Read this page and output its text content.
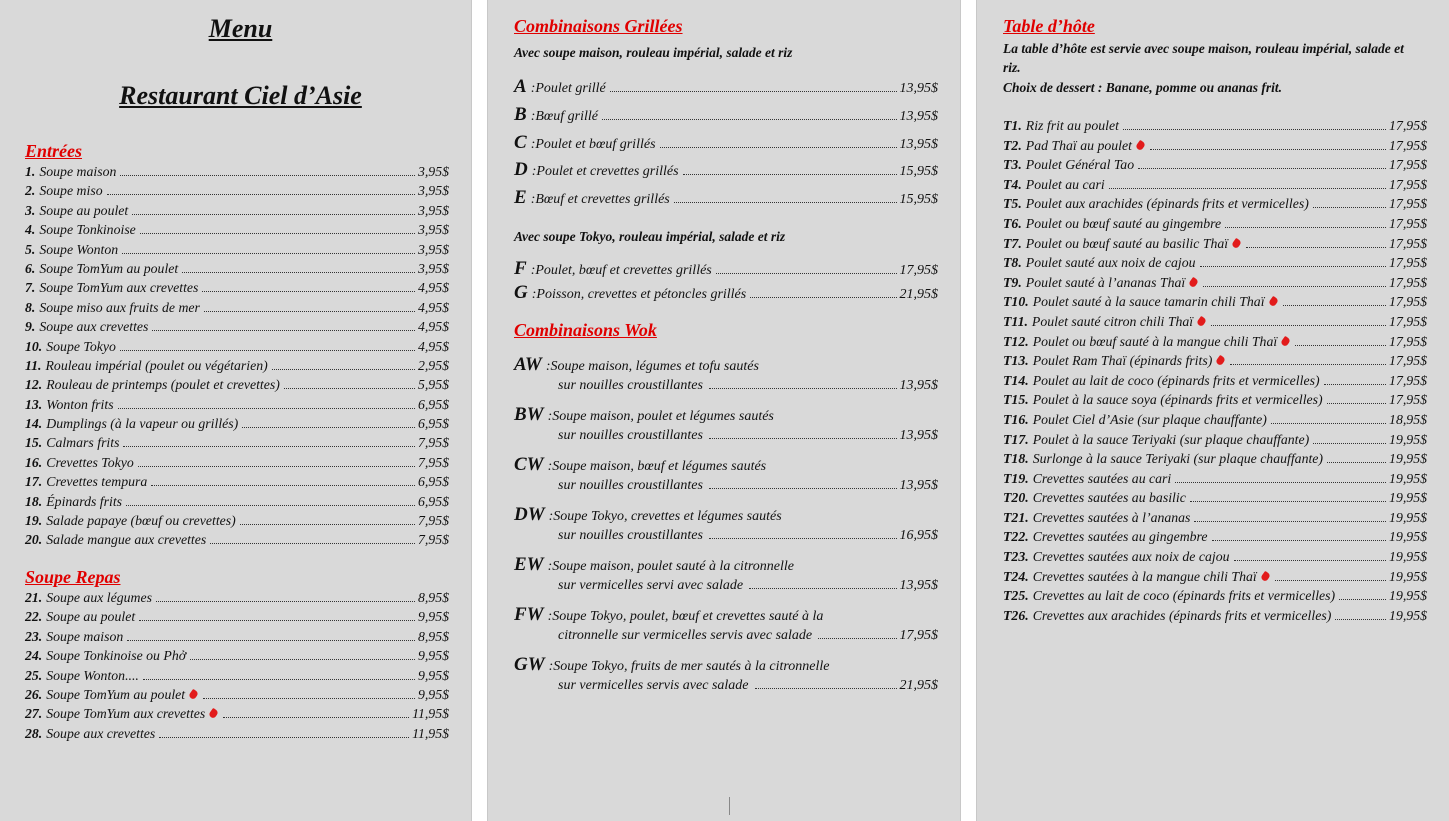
Menu
Restaurant Ciel d’Asie
Entrées
1. Soupe maison	3,95$
2. Soupe miso	3,95$
3. Soupe au poulet	3,95$
4. Soupe Tonkinoise	3,95$
5. Soupe Wonton	3,95$
6. Soupe TomYum au poulet	3,95$
7. Soupe TomYum aux crevettes	4,95$
8. Soupe miso aux fruits de mer	4,95$
9. Soupe aux crevettes	4,95$
10. Soupe Tokyo	4,95$
11. Rouleau impérial (poulet ou végétarien)	2,95$
12. Rouleau de printemps (poulet et crevettes)	5,95$
13. Wonton frits	6,95$
14. Dumplings (à la vapeur ou grillés)	6,95$
15. Calmars frits	7,95$
16. Crevettes Tokyo	7,95$
17. Crevettes tempura	6,95$
18. Épinards frits	6,95$
19. Salade papaye (bœuf ou crevettes)	7,95$
20. Salade mangue aux crevettes	7,95$
Soupe Repas
21. Soupe aux légumes	8,95$
22. Soupe au poulet	9,95$
23. Soupe maison	8,95$
24. Soupe Tonkinoise ou Phở	9,95$
25. Soupe Wonton....	9,95$
26. Soupe TomYum au poulet	9,95$
27. Soupe TomYum aux crevettes	11,95$
28. Soupe aux crevettes	11,95$
Combinaisons Grillées
Avec soupe maison, rouleau impérial, salade et riz
A : Poulet grillé	13,95$
B : Bœuf grillé	13,95$
C : Poulet et bœuf grillés	13,95$
D : Poulet et crevettes grillés	15,95$
E : Bœuf et crevettes grillés	15,95$
Avec soupe Tokyo, rouleau impérial, salade et riz
F : Poulet, bœuf et crevettes grillés	17,95$
G : Poisson, crevettes et pétoncles grillés	21,95$
Combinaisons Wok
AW : Soupe maison, légumes et tofu sautés
sur nouilles croustillantes	13,95$
BW : Soupe maison, poulet et légumes sautés
sur nouilles croustillantes	13,95$
CW : Soupe maison, bœuf et légumes sautés
sur nouilles croustillantes	13,95$
DW : Soupe Tokyo, crevettes et légumes sautés
sur nouilles croustillantes	16,95$
EW : Soupe maison, poulet sauté à la citronnelle
sur vermicelles servi avec salade	13,95$
FW : Soupe Tokyo, poulet, bœuf et crevettes sauté à la
citronnelle sur vermicelles servis avec salade	17,95$
GW : Soupe Tokyo, fruits de mer sautés à la citronnelle
sur vermicelles servis avec salade	21,95$
Table d’hôte
La table d’hôte est servie avec soupe maison, rouleau impérial, salade et riz.
Choix de dessert : Banane, pomme ou ananas frit.
T1. Riz frit au poulet	17,95$
T2. Pad Thaï au poulet	17,95$
T3. Poulet Général Tao	17,95$
T4. Poulet au cari	17,95$
T5. Poulet aux arachides (épinards frits et vermicelles)	17,95$
T6. Poulet ou bœuf sauté au gingembre	17,95$
T7. Poulet ou bœuf sauté au basilic Thaï	17,95$
T8. Poulet sauté aux noix de cajou	17,95$
T9. Poulet sauté à l’ananas Thaï	17,95$
T10. Poulet sauté à la sauce tamarin chili Thaï	17,95$
T11. Poulet sauté citron chili Thaï	17,95$
T12. Poulet ou bœuf sauté à la mangue chili Thaï	17,95$
T13. Poulet Ram Thaï (épinards frits)	17,95$
T14. Poulet au lait de coco (épinards frits et vermicelles)	17,95$
T15. Poulet à la sauce soya (épinards frits et vermicelles)	17,95$
T16. Poulet Ciel d’Asie (sur plaque chauffante)	18,95$
T17. Poulet à la sauce Teriyaki (sur plaque chauffante)	19,95$
T18. Surlonge à la sauce Teriyaki (sur plaque chauffante)	19,95$
T19. Crevettes sautées au cari	19,95$
T20. Crevettes sautées au basilic	19,95$
T21. Crevettes sautées à l’ananas	19,95$
T22. Crevettes sautées au gingembre	19,95$
T23. Crevettes sautées aux noix de cajou	19,95$
T24. Crevettes sautées à la mangue chili Thaï	19,95$
T25. Crevettes au lait de coco (épinards frits et vermicelles)	19,95$
T26. Crevettes aux arachides (épinards frits et vermicelles)	19,95$
